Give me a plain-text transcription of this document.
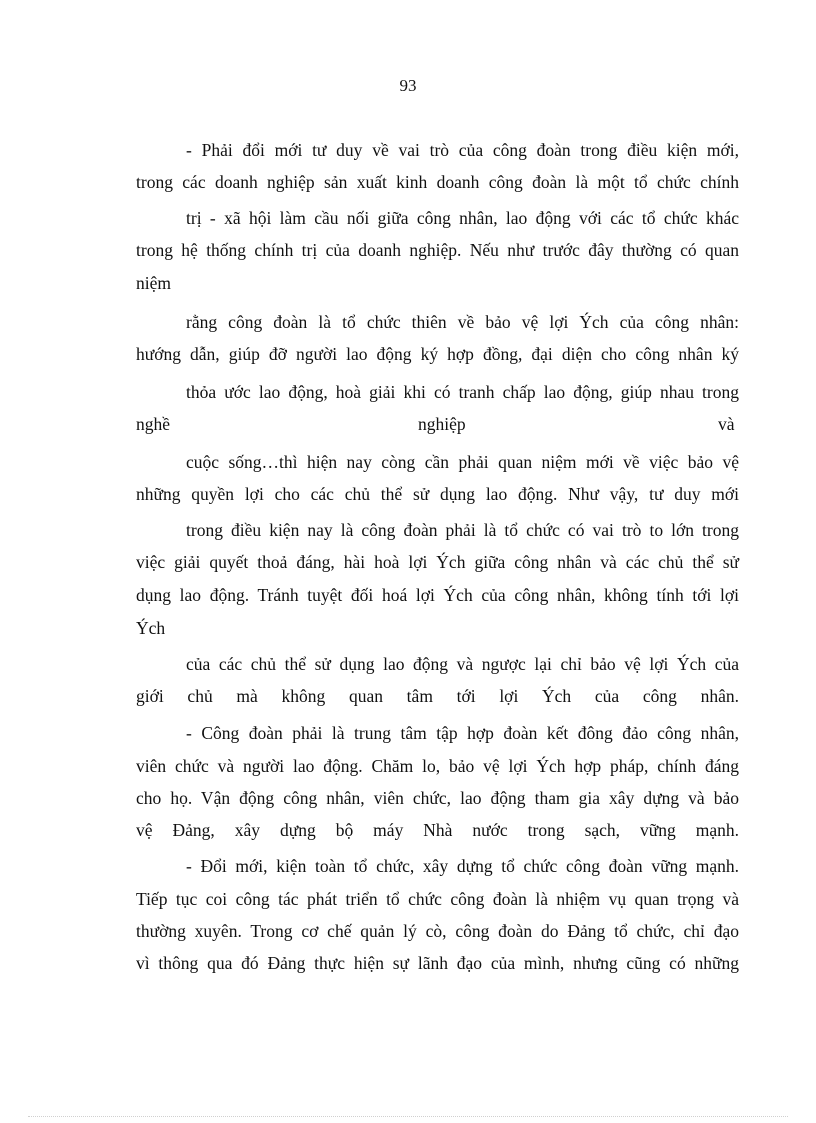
93
- Phải đổi mới tư duy về vai trò của công đoàn trong điều kiện mới,
trong các doanh nghiệp sản xuất kinh doanh công đoàn là một tổ chức chính
trị - xã hội làm cầu nối giữa công nhân, lao động với các tổ chức khác
trong hệ thống chính trị của doanh nghiệp. Nếu như trước đây thường có quan
niệm
rằng công đoàn là tổ chức thiên về bảo vệ lợi Ých của công nhân:
hướng dẫn, giúp đỡ người lao động ký hợp đồng, đại diện cho công nhân ký
thỏa ước lao động, hoà giải khi có tranh chấp lao động, giúp nhau trong
nghề	nghiệp	và
cuộc sống…thì hiện nay còng cần phải quan niệm mới về việc bảo vệ
những quyền lợi cho các chủ thể sử dụng lao động. Như vậy, tư duy mới
trong điều kiện nay là công đoàn phải là tổ chức có vai trò to lớn trong
việc giải quyết thoả đáng, hài hoà lợi Ých giữa công nhân và các chủ thể sử
dụng lao động. Tránh tuyệt đối hoá lợi Ých của công nhân, không tính tới lợi
Ých
của các chủ thể sử dụng lao động và ngược lại chỉ bảo vệ lợi Ých của
giới chủ mà không quan tâm tới lợi Ých của công nhân.
- Công đoàn phải là trung tâm tập hợp đoàn kết đông đảo công nhân,
viên chức và người lao động. Chăm lo, bảo vệ lợi Ých hợp pháp, chính đáng
cho họ. Vận động công nhân, viên chức, lao động tham gia xây dựng và bảo
vệ Đảng, xây dựng bộ máy Nhà nước trong sạch, vững mạnh.
- Đổi mới, kiện toàn tổ chức, xây dựng tổ chức công đoàn vững mạnh.
Tiếp tục coi công tác phát triển tổ chức công đoàn là nhiệm vụ quan trọng và
thường xuyên. Trong cơ chế quản lý cò, công đoàn do Đảng tổ chức, chỉ đạo
vì thông qua đó Đảng thực hiện sự lãnh đạo của mình, nhưng cũng có những
